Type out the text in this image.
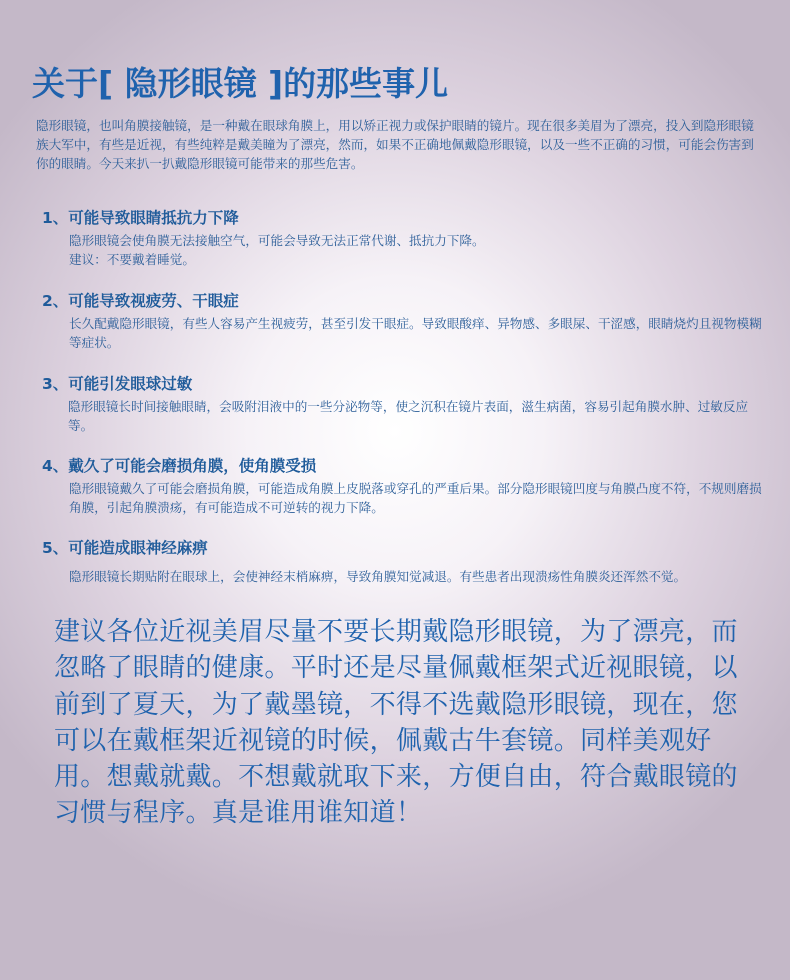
关于[ 隐形眼镜 ]的那些事儿
隐形眼镜，也叫角膜接触镜，是一种戴在眼球角膜上，用以矫正视力或保护眼睛的镜片。现在很多美眉为了漂亮，投入到隐形眼镜族大军中，有些是近视，有些纯粹是戴美瞳为了漂亮，然而，如果不正确地佩戴隐形眼镜，以及一些不正确的习惯，可能会伤害到你的眼睛。今天来扒一扒戴隐形眼镜可能带来的那些危害。
1、可能导致眼睛抵抗力下降
隐形眼镜会使角膜无法接触空气，可能会导致无法正常代谢、抵抗力下降。
建议：不要戴着睡觉。
2、可能导致视疲劳、干眼症
长久配戴隐形眼镜，有些人容易产生视疲劳，甚至引发干眼症。导致眼酸痒、异物感、多眼屎、干涩感，眼睛烧灼且视物模糊等症状。
3、可能引发眼球过敏
隐形眼镜长时间接触眼睛，会吸附泪液中的一些分泌物等，使之沉积在镜片表面，滋生病菌，容易引起角膜水肿、过敏反应等。
4、戴久了可能会磨损角膜，使角膜受损
隐形眼镜戴久了可能会磨损角膜，可能造成角膜上皮脱落或穿孔的严重后果。部分隐形眼镜凹度与角膜凸度不符，不规则磨损角膜，引起角膜溃疡，有可能造成不可逆转的视力下降。
5、可能造成眼神经麻痹
隐形眼镜长期贴附在眼球上，会使神经末梢麻痹，导致角膜知觉减退。有些患者出现溃疡性角膜炎还浑然不觉。
建议各位近视美眉尽量不要长期戴隐形眼镜，为了漂亮，而忽略了眼睛的健康。平时还是尽量佩戴框架式近视眼镜，以前到了夏天，为了戴墨镜，不得不选戴隐形眼镜，现在，您可以在戴框架近视镜的时候，佩戴古牛套镜。同样美观好用。想戴就戴。不想戴就取下来，方便自由，符合戴眼镜的习惯与程序。真是谁用谁知道！
